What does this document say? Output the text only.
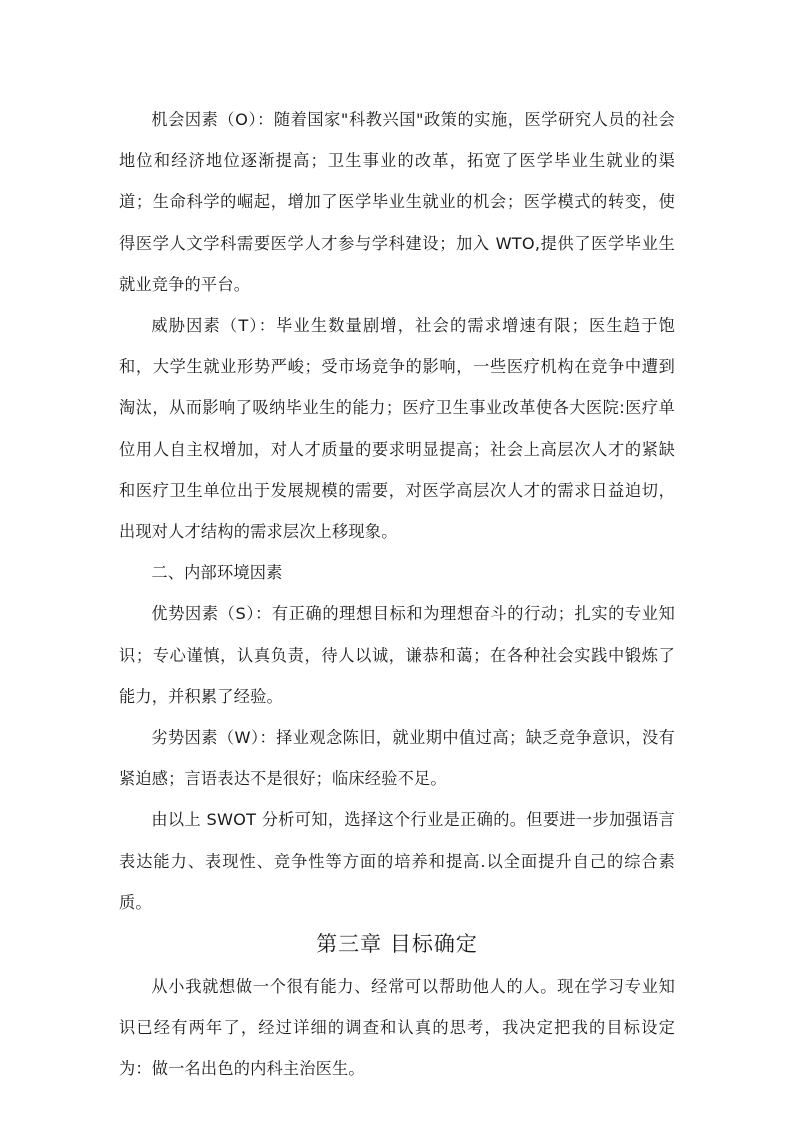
机会因素（O）：随着国家"科教兴国"政策的实施，医学研究人员的社会地位和经济地位逐渐提高；卫生事业的改革，拓宽了医学毕业生就业的渠道；生命科学的崛起，增加了医学毕业生就业的机会；医学模式的转变，使得医学人文学科需要医学人才参与学科建设；加入 WTO,提供了医学毕业生就业竞争的平台。

威胁因素（T）：毕业生数量剧增，社会的需求增速有限；医生趋于饱和，大学生就业形势严峻；受市场竞争的影响，一些医疗机构在竞争中遭到淘汰，从而影响了吸纳毕业生的能力；医疗卫生事业改革使各大医院:医疗单位用人自主权增加，对人才质量的要求明显提高；社会上高层次人才的紧缺和医疗卫生单位出于发展规模的需要，对医学高层次人才的需求日益迫切，出现对人才结构的需求层次上移现象。

二、内部环境因素

优势因素（S）：有正确的理想目标和为理想奋斗的行动；扎实的专业知识；专心谨慎，认真负责，待人以诚，谦恭和蔼；在各种社会实践中锻炼了能力，并积累了经验。

劣势因素（W）：择业观念陈旧，就业期中值过高；缺乏竞争意识，没有紧迫感；言语表达不是很好；临床经验不足。

由以上 SWOT 分析可知，选择这个行业是正确的。但要进一步加强语言表达能力、表现性、竞争性等方面的培养和提高.以全面提升自己的综合素质。

第三章 目标确定

从小我就想做一个很有能力、经常可以帮助他人的人。现在学习专业知识已经有两年了，经过详细的调查和认真的思考，我决定把我的目标设定为：做一名出色的内科主治医生。
